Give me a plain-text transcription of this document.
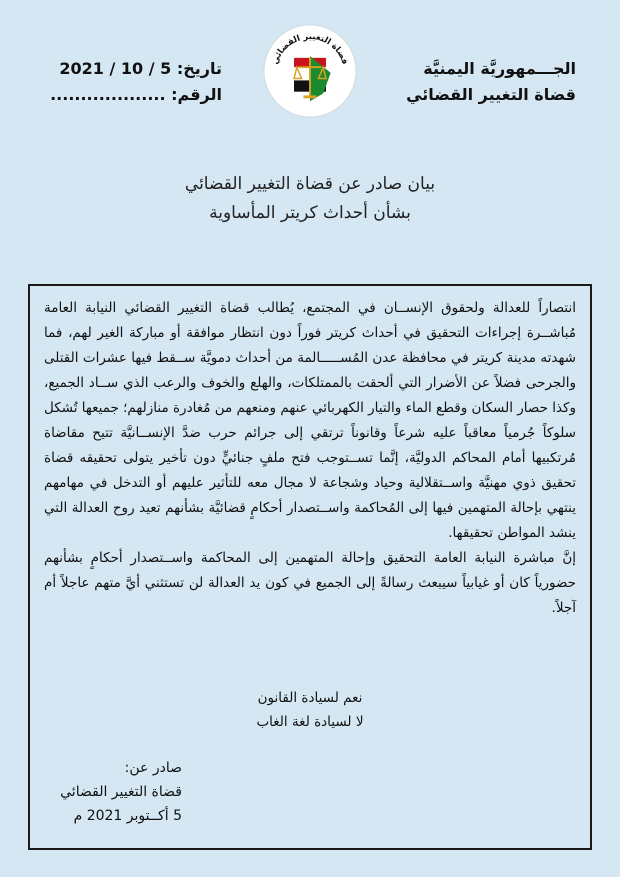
الجـــمهوريَّة اليمنيَّة
قضاة التغيير القضائي
تاريخ: 5 / 10 / 2021
الرقم: ...................
قضاة التغيير القضائي
بيان صادر عن قضاة التغيير القضائي
بشأن أحداث كريتر المأساوية

انتصاراً للعدالة ولحقوق الإنســان في المجتمع، يُطالب قضاة التغيير القضائي النيابة العامة مُباشــرة إجراءات التحقيق في أحداث كريتر فوراً دون انتظار موافقة أو مباركة الغير لهم، فما شهدته مدينة كريتر في محافظة عدن المُســـــالمة من أحداث دمويَّة ســقط فيها عشرات القتلى والجرحى فضلاً عن الأضرار التي ألحقت بالممتلكات، والهلع والخوف والرعب الذي ســاد الجميع، وكذا حصار السكان وقطع الماء والتيار الكهربائي عنهم ومنعهم من مُغادرة منازلهم؛ جميعها تُشكل سلوكاً جُرمياً معاقباً عليه شرعاً وقانوناً ترتقي إلى جرائم حرب ضدَّ الإنســانيَّة تتيح مقاضاة مُرتكبيها أمام المحاكم الدوليَّة، إنَّما تســتوجب فتح ملفٍ جنائيٍّ دون تأخير يتولى تحقيقه قضاة تحقيق ذوي مهنيَّة واســتقلالية وحياد وشجاعة لا مجال معه للتأثير عليهم أو التدخل في مهامهم ينتهي بإحالة المتهمين فيها إلى المُحاكمة واســتصدار أحكامٍ قضائيَّة بشأنهم تعيد روح العدالة التي ينشد المواطن تحقيقها.

إنَّ مباشرة النيابة العامة التحقيق وإحالة المتهمين إلى المحاكمة واســتصدار أحكامٍ بشأنهم حضورياً كان أو غيابياً سيبعث رسالةً إلى الجميع في كون يد العدالة لن تستثني أيَّ متهم عاجلاً أم آجلاً.

نعم لسيادة القانون
لا لسيادة لغة الغاب
صادر عن:
قضاة التغيير القضائي
5 أكــتوبر 2021 م
